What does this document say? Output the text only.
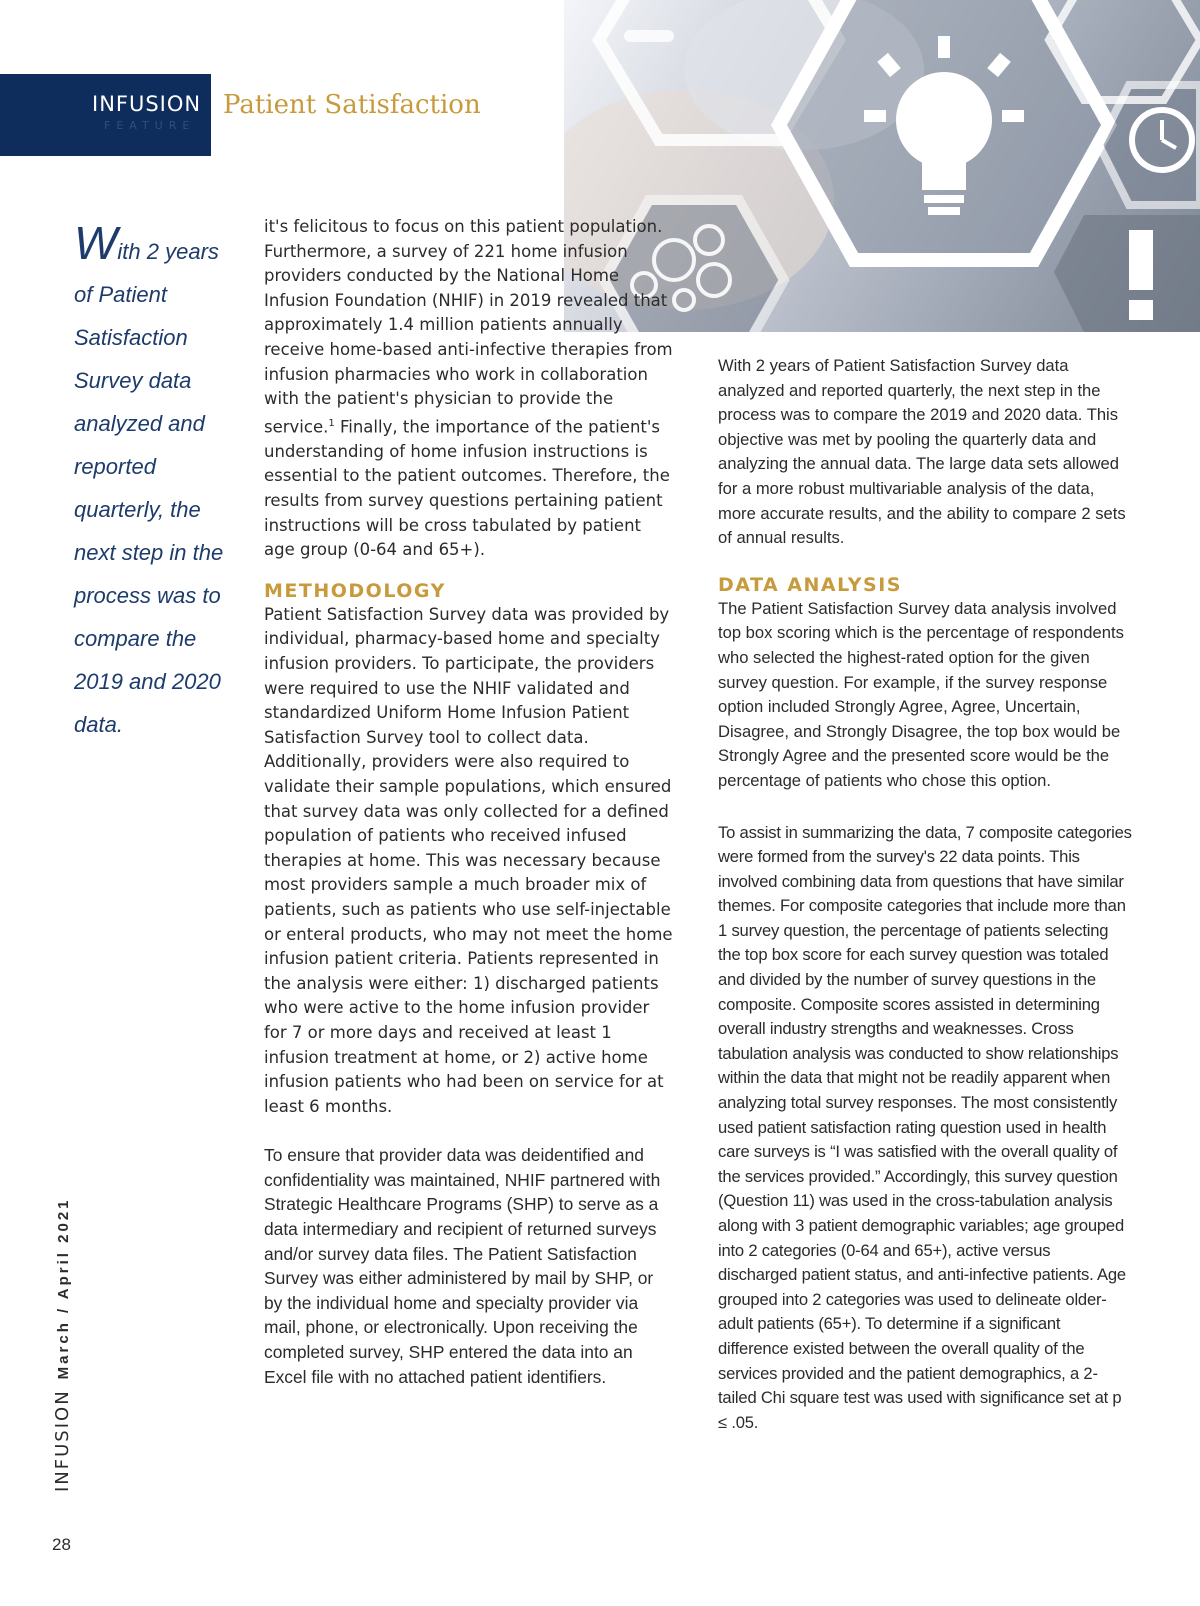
INFUSION
FEATURE
Patient Satisfaction
With 2 years of Patient Satisfaction Survey data analyzed and reported quarterly, the next step in the process was to compare the 2019 and 2020 data.

it's felicitous to focus on this patient population. Furthermore, a survey of 221 home infusion providers conducted by the National Home Infusion Foundation (NHIF) in 2019 revealed that approximately 1.4 million patients annually receive home-based anti-infective therapies from infusion pharmacies who work in collaboration with the patient's physician to provide the service.$^1$ Finally, the importance of the patient's understanding of home infusion instructions is essential to the patient outcomes. Therefore, the results from survey questions pertaining patient instructions will be cross tabulated by patient age group (0-64 and 65+).

METHODOLOGY

Patient Satisfaction Survey data was provided by individual, pharmacy-based home and specialty infusion providers. To participate, the providers were required to use the NHIF validated and standardized Uniform Home Infusion Patient Satisfaction Survey tool to collect data. Additionally, providers were also required to validate their sample populations, which ensured that survey data was only collected for a defined population of patients who received infused therapies at home. This was necessary because most providers sample a much broader mix of patients, such as patients who use self-injectable or enteral products, who may not meet the home infusion patient criteria. Patients represented in the analysis were either: 1) discharged patients who were active to the home infusion provider for 7 or more days and received at least 1 infusion treatment at home, or 2) active home infusion patients who had been on service for at least 6 months.

To ensure that provider data was deidentified and confidentiality was maintained, NHIF partnered with Strategic Healthcare Programs (SHP) to serve as a data intermediary and recipient of returned surveys and/or survey data files. The Patient Satisfaction Survey was either administered by mail by SHP, or by the individual home and specialty provider via mail, phone, or electronically. Upon receiving the completed survey, SHP entered the data into an Excel file with no attached patient identifiers.

With 2 years of Patient Satisfaction Survey data analyzed and reported quarterly, the next step in the process was to compare the 2019 and 2020 data. This objective was met by pooling the quarterly data and analyzing the annual data. The large data sets allowed for a more robust multivariable analysis of the data, more accurate results, and the ability to compare 2 sets of annual results.

DATA ANALYSIS

The Patient Satisfaction Survey data analysis involved top box scoring which is the percentage of respondents who selected the highest-rated option for the given survey question. For example, if the survey response option included Strongly Agree, Agree, Uncertain, Disagree, and Strongly Disagree, the top box would be Strongly Agree and the presented score would be the percentage of patients who chose this option.

To assist in summarizing the data, 7 composite categories were formed from the survey's 22 data points. This involved combining data from questions that have similar themes. For composite categories that include more than 1 survey question, the percentage of patients selecting the top box score for each survey question was totaled and divided by the number of survey questions in the composite. Composite scores assisted in determining overall industry strengths and weaknesses. Cross tabulation analysis was conducted to show relationships within the data that might not be readily apparent when analyzing total survey responses. The most consistently used patient satisfaction rating question used in health care surveys is “I was satisfied with the overall quality of the services provided.” Accordingly, this survey question (Question 11) was used in the cross-tabulation analysis along with 3 patient demographic variables; age grouped into 2 categories (0-64 and 65+), active versus discharged patient status, and anti-infective patients. Age grouped into 2 categories was used to delineate older-adult patients (65+). To determine if a significant difference existed between the overall quality of the services provided and the patient demographics, a 2-tailed Chi square test was used with significance set at p ≤ .05.

INFUSIONMarch / April 2021
28
